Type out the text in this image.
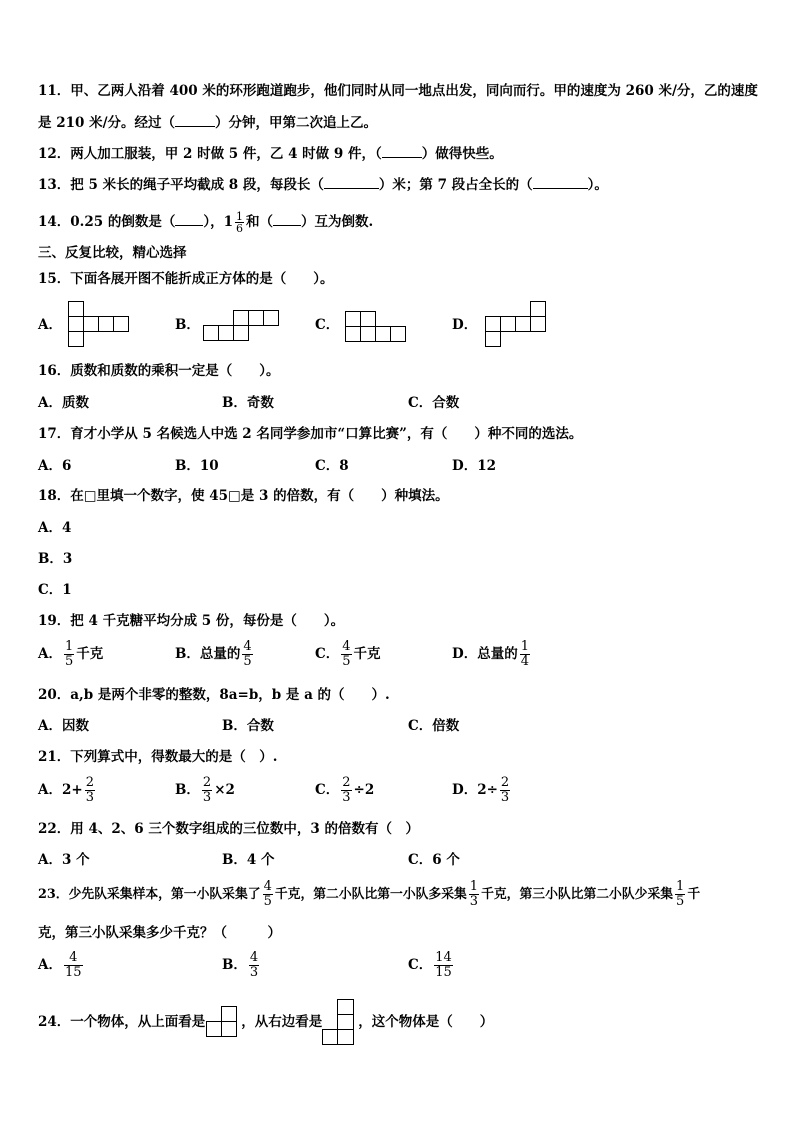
11．甲、乙两人沿着 400 米的环形跑道跑步，他们同时从同一地点出发，同向而行。甲的速度为 260 米/分，乙的速度
是 210 米/分。经过（	）分钟，甲第二次追上乙。
12．两人加工服装，甲 2 时做 5 件，乙 4 时做 9 件，（	）做得快些。
13．把 5 米长的绳子平均截成 8 段，每段长（	）米；第 7 段占全长的（	）。
14．0.25 的倒数是（ ），$1 \frac{1}{6}$ 和（ ）互为倒数.
三、反复比较，精心选择
15．下面各展开图不能折成正方体的是（　　）。
A．	B．	C．	D．
16．质数和质数的乘积一定是（　　）。
A．质数	B．奇数	C．合数
17．育才小学从 5 名候选人中选 2 名同学参加市“口算比赛”，有（　　）种不同的选法。
A．6	B．10	C．8	D．12
18．在□里填一个数字，使 45□是 3 的倍数，有（　　）种填法。
A．4
B．3
C．1
19．把 4 千克糖平均分成 5 份，每份是（　　）。
A． $\frac{1}{5}$ 千克	B．总量的 $\frac{4}{5}$	C． $\frac{4}{5}$ 千克	D．总量的 $\frac{1}{4}$
20．a,b 是两个非零的整数，8a=b，b 是 a 的（　　）.
A．因数	B．合数	C．倍数
21．下列算式中，得数最大的是（　）.
A．$2+ \frac{2}{3}$	B． $\frac{2}{3} \times 2$	C． $\frac{2}{3} \div 2$	D．$2\div \frac{2}{3}$
22．用 4、2、6 三个数字组成的三位数中，3 的倍数有（　）
A．3 个	B．4 个	C．6 个
23．少先队采集样本，第一小队采集了 $\frac{4}{5}$ 千克，第二小队比第一小队多采集 $\frac{1}{3}$ 千克，第三小队比第二小队少采集 $\frac{1}{5}$ 千
克，第三小队采集多少千克？（　　　）
A． $\frac{4}{15}$	B． $\frac{4}{3}$	C． $\frac{14}{15}$
24．一个物体，从上面看是	，从右边看是	，这个物体是（　　）
